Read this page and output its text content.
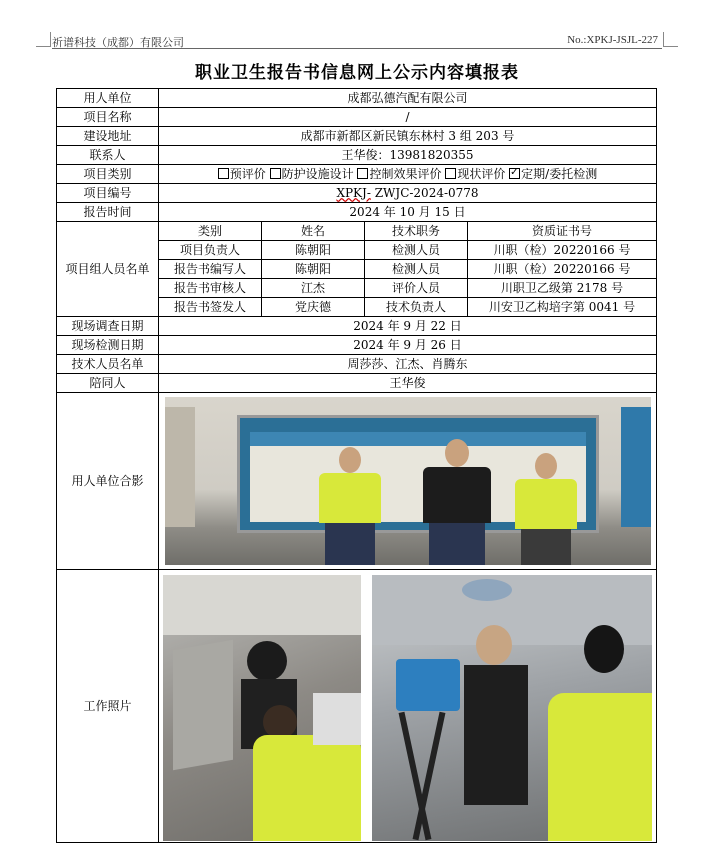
祈谱科技（成都）有限公司	No.:XPKJ-JSJL-227
职业卫生报告书信息网上公示内容填报表
用人单位	成都弘德汽配有限公司			
项目名称	/			
建设地址	成都市新都区新民镇东林村 3 组 203 号			
联系人	王华俊：13981820355			
项目类别	预评价 防护设施设计 控制效果评价 现状评价 ✓ 定期/委托检测
项目编号	XPKJ- ZWJC-2024-0778			
报告时间	2024 年 10 月 15 日			
项目组人员名单	类别	姓名	技术职务	资质证书号
	项目负责人	陈朝阳	检测人员	川职（检）20220166 号
	报告书编写人	陈朝阳	检测人员	川职（检）20220166 号
	报告书审核人	江杰	评价人员	川职卫乙级第 2178 号
	报告书签发人	党庆德	技术负责人	川安卫乙构培字第 0041 号
现场调查日期	2024 年 9 月 22 日			
现场检测日期	2024 年 9 月 26 日			
技术人员名单	周莎莎、江杰、肖腾东			
陪同人	王华俊			
用人单位合影				

工作照片				
